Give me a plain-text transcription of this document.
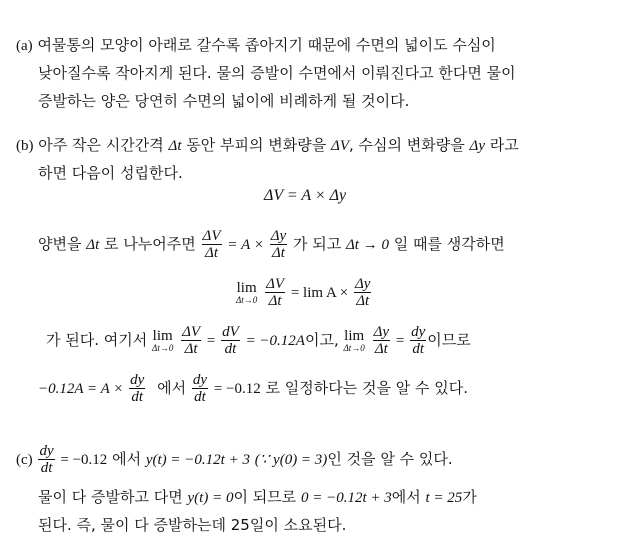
(a) 여물통의 모양이 아래로 갈수록 좁아지기 때문에 수면의 넓이도 수심이
낮아질수록 작아지게 된다. 물의 증발이 수면에서 이뤄진다고 한다면 물이
증발하는 양은 당연히 수면의 넓이에 비례하게 될 것이다.
(b) 아주 작은 시간간격 Δt 동안 부피의 변화량을 ΔV, 수심의 변화량을 Δy 라고
하면 다음이 성립한다.
ΔV = A × Δy
양변을 Δt 로 나누어주면 $\frac{\Delta V}{\Delta t} = A \times \frac{\Delta y}{\Delta t}$ 가 되고 Δt → 0 일 때를 생각하면
lim
Δt→0
$\frac{\Delta V}{\Delta t} = \lim A \times \frac{\Delta y}{\Delta t}$
가 된다. 여기서 lim
Δt→0
$\frac{\Delta V}{\Delta t} = \frac{dV}{dt} = -0.12A$이고, lim
Δt→0
$\frac{\Delta y}{\Delta t} = \frac{dy}{dt}$ 이므로
$-0.12A = A \times \frac{dy}{dt}$ 에서 $\frac{dy}{dt} = -0.12$ 로 일정하다는 것을 알 수 있다.
$(c) \frac{dy}{dt} = -0.12$ 에서 y(t) = −0.12t + 3 (∵ y(0) = 3)인 것을 알 수 있다.
물이 다 증발하고 다면 y(t) = 0이 되므로 0 = −0.12t + 3에서 t = 25가
된다. 즉, 물이 다 증발하는데 25일이 소요된다.
